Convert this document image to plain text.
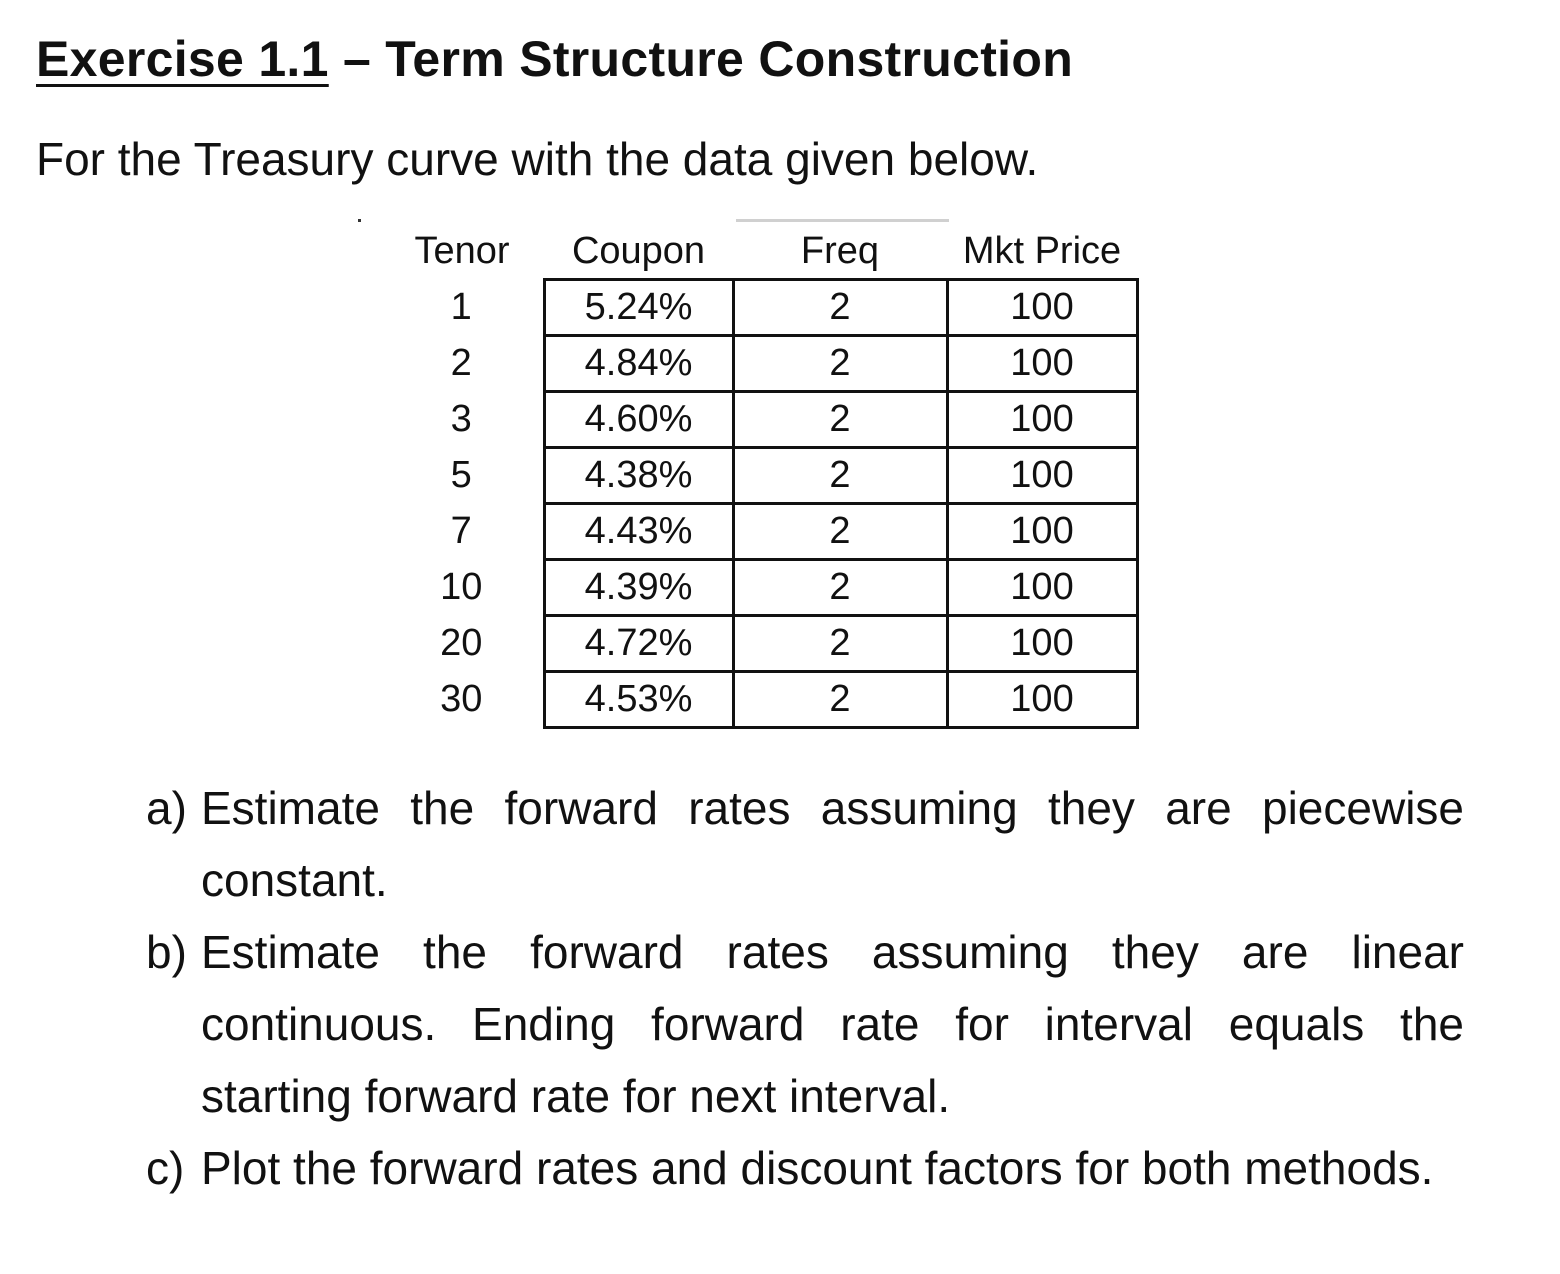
Exercise 1.1 – Term Structure Construction
For the Treasury curve with the data given below.
Tenor	Coupon	Freq	Mkt Price
1	5.24%	2	100
2	4.84%	2	100
3	4.60%	2	100
5	4.38%	2	100
7	4.43%	2	100
10	4.39%	2	100
20	4.72%	2	100
30	4.53%	2	100
a) Estimate the forward rates assuming they are piecewise constant.
b) Estimate the forward rates assuming they are linear continuous. Ending forward rate for interval equals the starting forward rate for next interval.
c) Plot the forward rates and discount factors for both methods.
